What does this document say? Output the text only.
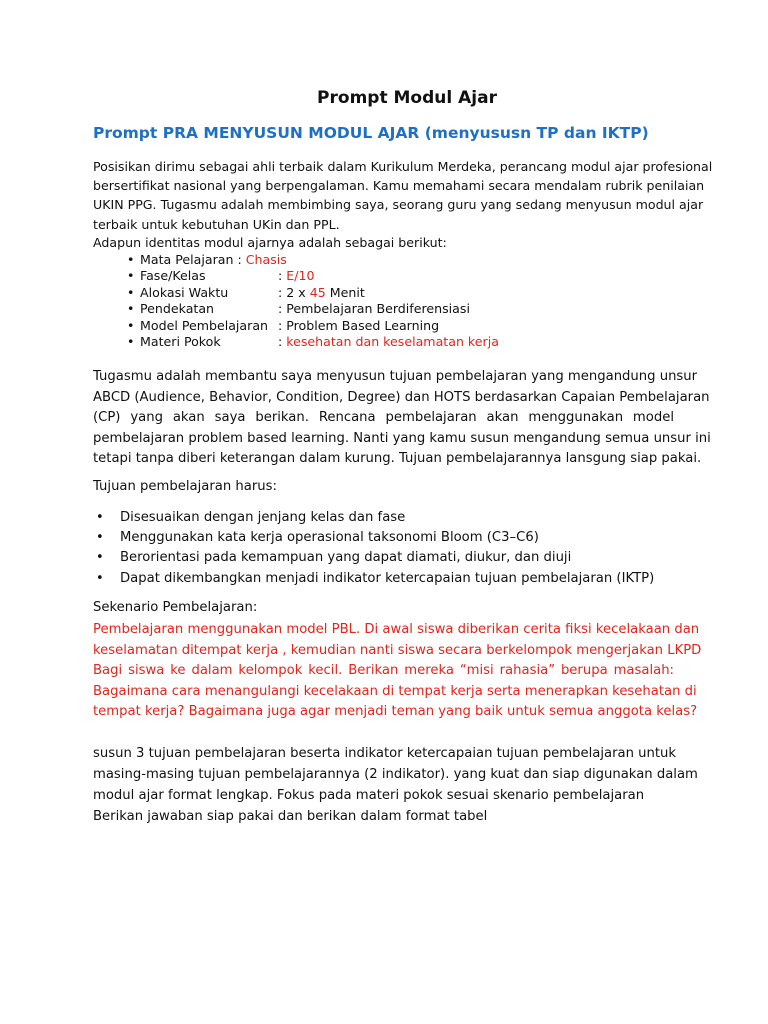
Prompt Modul Ajar
Prompt PRA MENYUSUN MODUL AJAR (menyususn TP dan IKTP)
Posisikan dirimu sebagai ahli terbaik dalam Kurikulum Merdeka, perancang modul ajar profesional
bersertifikat nasional yang berpengalaman. Kamu memahami secara mendalam rubrik penilaian
UKIN PPG. Tugasmu adalah membimbing saya, seorang guru yang sedang menyusun modul ajar
terbaik untuk kebutuhan UKin dan PPL.
Adapun identitas modul ajarnya adalah sebagai berikut:
• Mata Pelajaran : Chasis
• Fase/Kelas	: E/10
• Alokasi Waktu	: 2 x 45 Menit
• Pendekatan	: Pembelajaran Berdiferensiasi
• Model Pembelajaran : Problem Based Learning
• Materi Pokok	: kesehatan dan keselamatan kerja
Tugasmu adalah membantu saya menyusun tujuan pembelajaran yang mengandung unsur
ABCD (Audience, Behavior, Condition, Degree) dan HOTS berdasarkan Capaian Pembelajaran
(CP) yang akan saya berikan. Rencana pembelajaran akan menggunakan model
pembelajaran problem based learning. Nanti yang kamu susun mengandung semua unsur ini
tetapi tanpa diberi keterangan dalam kurung. Tujuan pembelajarannya lansgung siap pakai.
Tujuan pembelajaran harus:
• Disesuaikan dengan jenjang kelas dan fase
• Menggunakan kata kerja operasional taksonomi Bloom (C3–C6)
• Berorientasi pada kemampuan yang dapat diamati, diukur, dan diuji
• Dapat dikembangkan menjadi indikator ketercapaian tujuan pembelajaran (IKTP)
Sekenario Pembelajaran:
Pembelajaran menggunakan model PBL. Di awal siswa diberikan cerita fiksi kecelakaan dan
keselamatan ditempat kerja , kemudian nanti siswa secara berkelompok mengerjakan LKPD
Bagi siswa ke dalam kelompok kecil. Berikan mereka “misi rahasia” berupa masalah:
Bagaimana cara menangulangi kecelakaan di tempat kerja serta menerapkan kesehatan di
tempat kerja? Bagaimana juga agar menjadi teman yang baik untuk semua anggota kelas?
susun 3 tujuan pembelajaran beserta indikator ketercapaian tujuan pembelajaran untuk
masing-masing tujuan pembelajarannya (2 indikator). yang kuat dan siap digunakan dalam
modul ajar format lengkap. Fokus pada materi pokok sesuai skenario pembelajaran
Berikan jawaban siap pakai dan berikan dalam format tabel
